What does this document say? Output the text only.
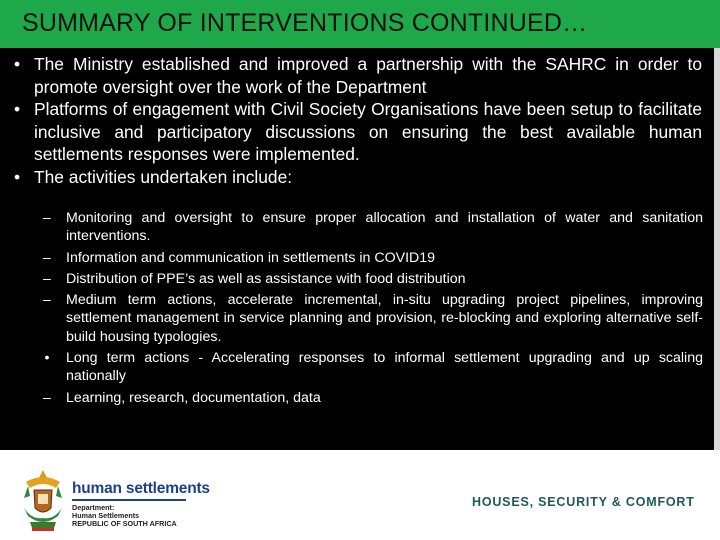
SUMMARY OF INTERVENTIONS CONTINUED…
• The Ministry established and improved a partnership with the SAHRC in order to promote oversight over the work of the Department
• Platforms of engagement with Civil Society Organisations have been setup to facilitate inclusive and participatory discussions on ensuring the best available human settlements responses were implemented.
• The activities undertaken include:
– Monitoring and oversight to ensure proper allocation and installation of water and sanitation interventions.
– Information and communication in settlements in COVID19
– Distribution of PPE’s as well as assistance with food distribution
– Medium term actions, accelerate incremental, in-situ upgrading project pipelines, improving settlement management in service planning and provision, re-blocking and exploring alternative self-build housing typologies.
•	Long term actions - Accelerating responses to informal settlement upgrading and up scaling nationally
– Learning, research, documentation, data
human settlements
Department:
Human Settlements
REPUBLIC OF SOUTH AFRICA
HOUSES, SECURITY & COMFORT
